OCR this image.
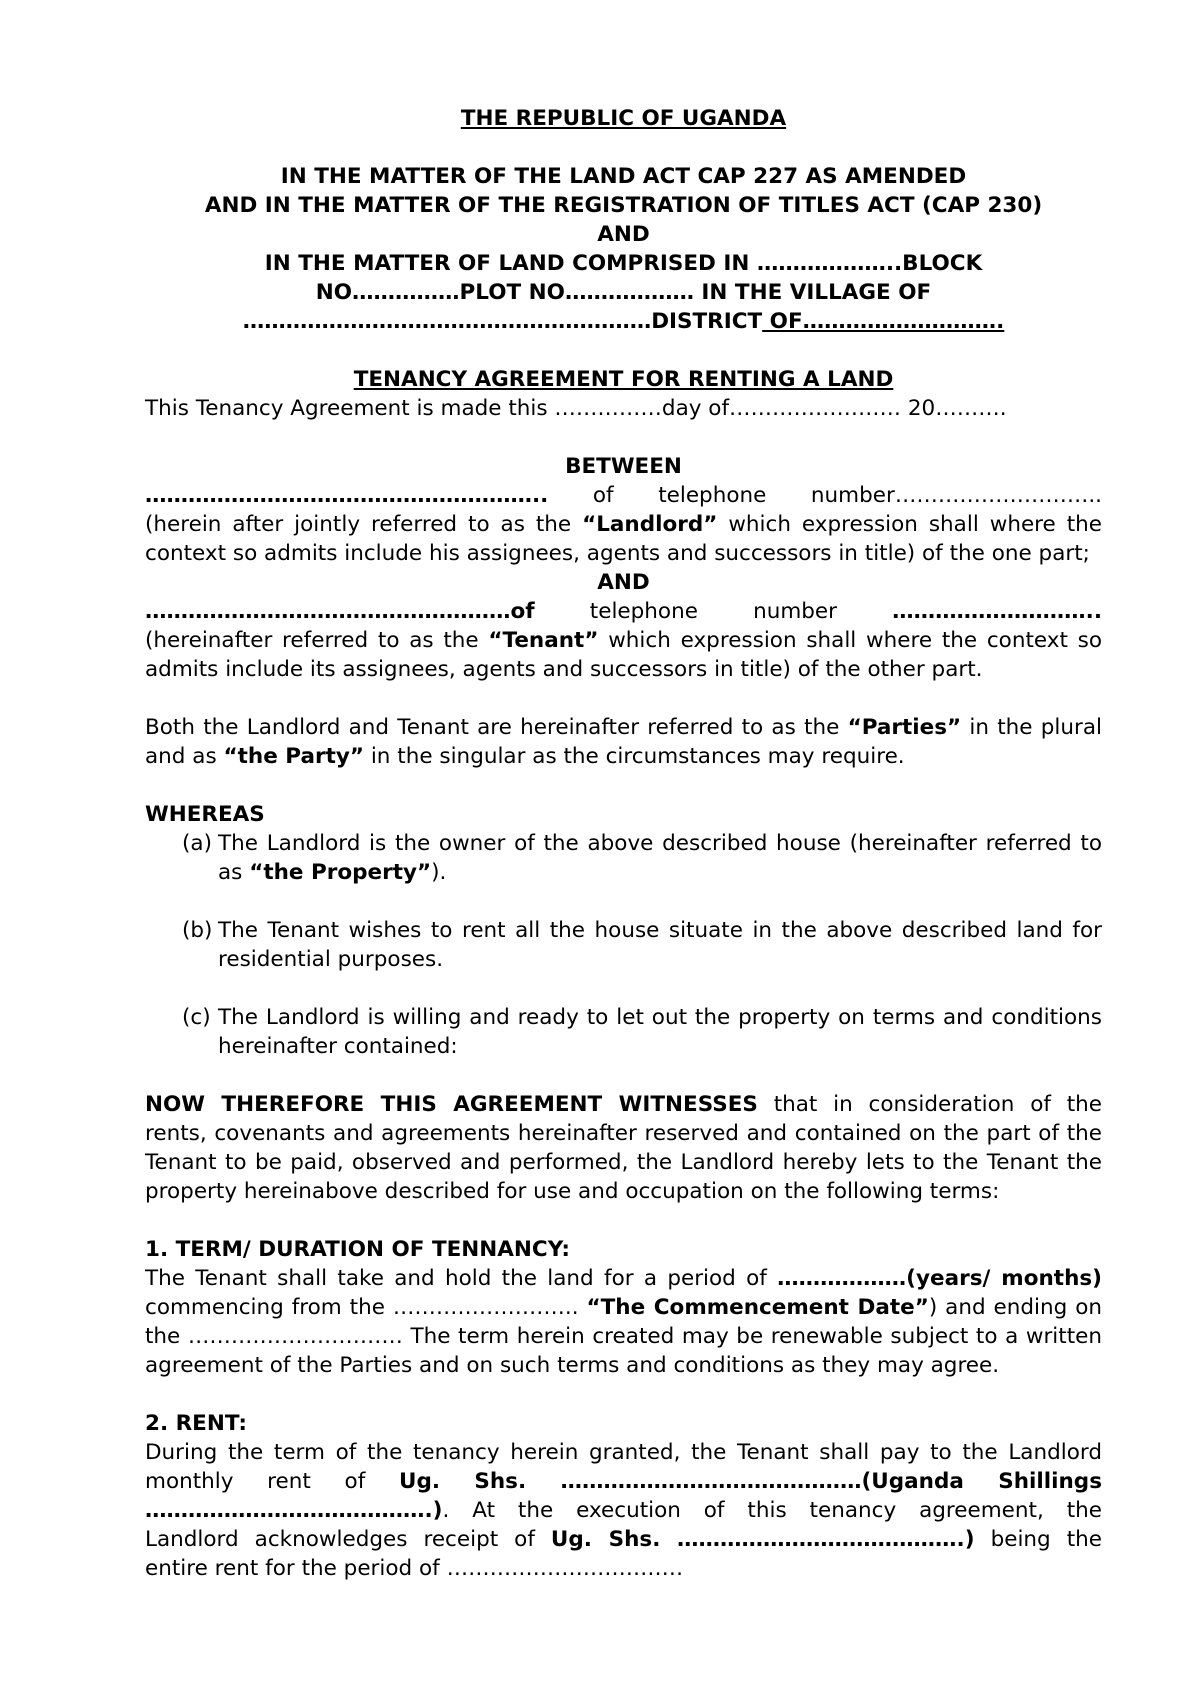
THE REPUBLIC OF UGANDA
IN THE MATTER OF THE LAND ACT CAP 227 AS AMENDED
AND IN THE MATTER OF THE REGISTRATION OF TITLES ACT (CAP 230)
AND
IN THE MATTER OF LAND COMPRISED IN ………………..BLOCK
NO……………PLOT NO……………… IN THE VILLAGE OF
…………………………………………………DISTRICT OF……………………….
TENANCY AGREEMENT FOR RENTING A LAND
This Tenancy Agreement is made this ……………day of…………………… 20……….
BETWEEN
……………………………………………….. of telephone number………………………..
(herein after jointly referred to as the “Landlord” which expression shall where the
context so admits include his assignees, agents and successors in title) of the one part;
AND
……………………………………………of	telephone	number	………………………..
(hereinafter referred to as the “Tenant” which expression shall where the context so
admits include its assignees, agents and successors in title) of the other part.
Both the Landlord and Tenant are hereinafter referred to as the “Parties” in the plural
and as “the Party” in the singular as the circumstances may require.
WHEREAS
(a) The Landlord is the owner of the above described house (hereinafter referred to
as “the Property”).
(b) The Tenant wishes to rent all the house situate in the above described land for
residential purposes.
(c) The Landlord is willing and ready to let out the property on terms and conditions
hereinafter contained:
NOW THEREFORE THIS AGREEMENT WITNESSES that in consideration of the
rents, covenants and agreements hereinafter reserved and contained on the part of the
Tenant to be paid, observed and performed, the Landlord hereby lets to the Tenant the
property hereinabove described for use and occupation on the following terms:
1. TERM/ DURATION OF TENNANCY:
The Tenant shall take and hold the land for a period of ………………(years/ months)
commencing from the …………………….. “The Commencement Date”) and ending on
the ………………………… The term herein created may be renewable subject to a written
agreement of the Parties and on such terms and conditions as they may agree.
2. RENT:
During the term of the tenancy herein granted, the Tenant shall pay to the Landlord
monthly rent of Ug. Shs. ……………………………………(Uganda Shillings
………………………………….). At the execution of this tenancy agreement, the
Landlord acknowledges receipt of Ug. Shs. ………………………………….) being the
entire rent for the period of ……………………………
